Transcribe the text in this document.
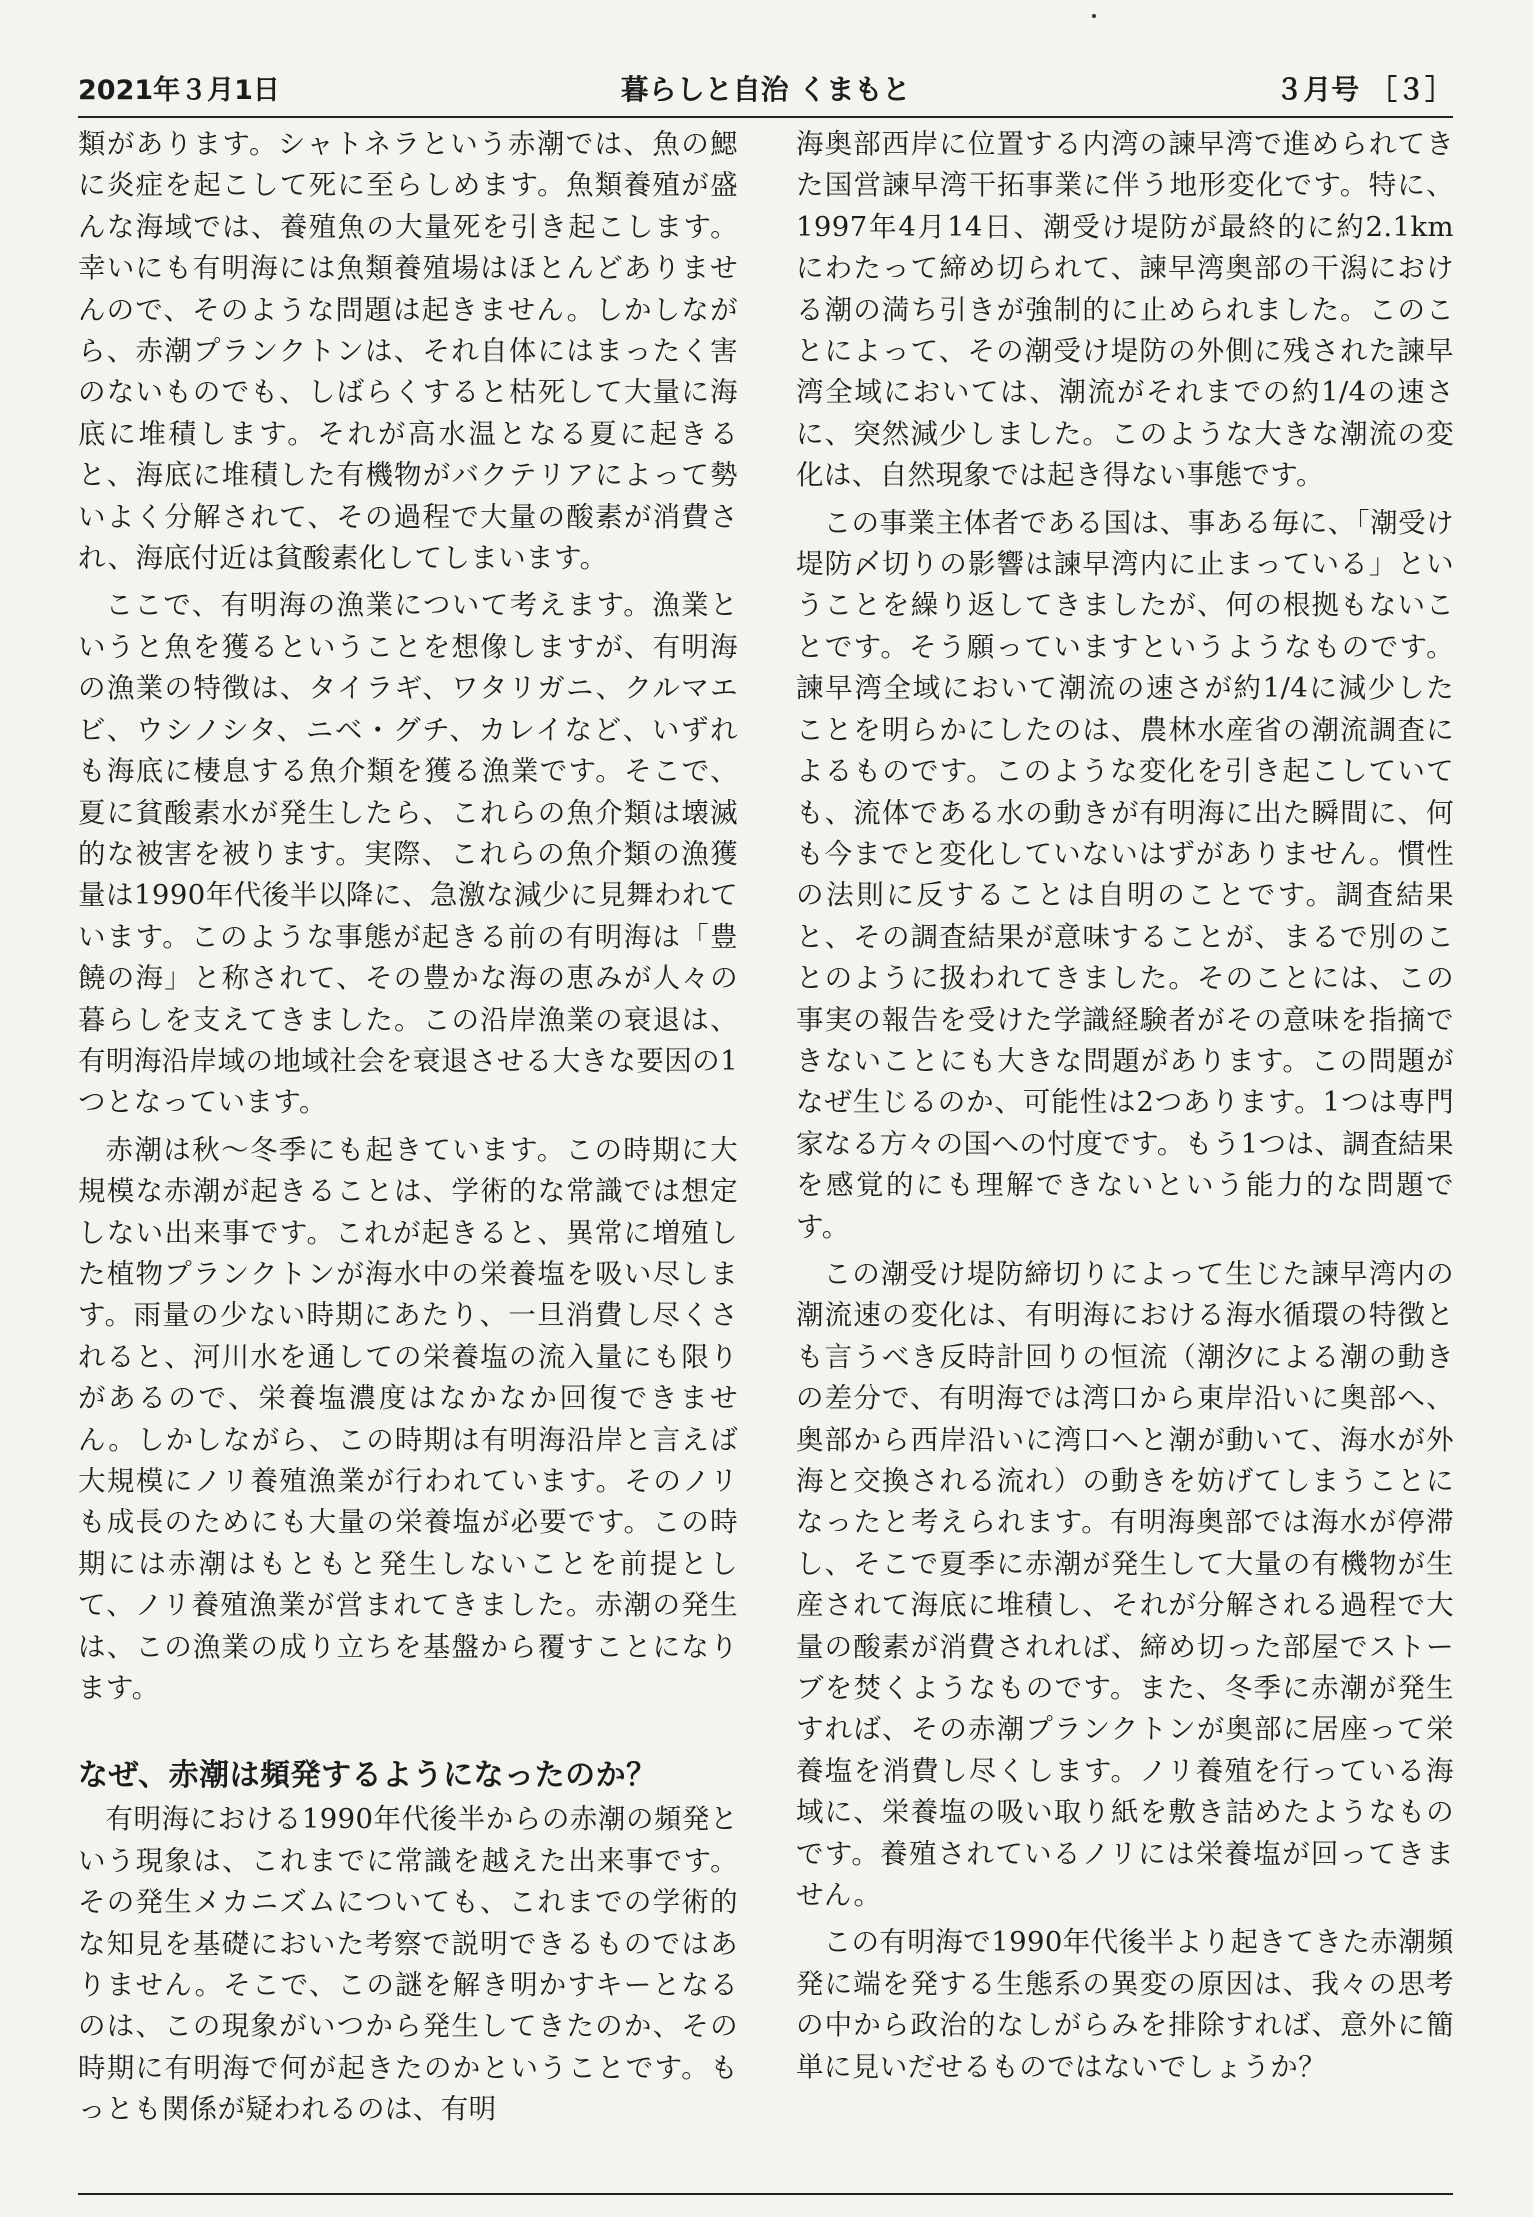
暮らしと自治 くまもと
2021年３月1日	３月号 ［３］

類があります。シャトネラという赤潮では、魚の鰓に炎症を起こして死に至らしめます。魚類養殖が盛んな海域では、養殖魚の大量死を引き起こします。幸いにも有明海には魚類養殖場はほとんどありませんので、そのような問題は起きません。しかしながら、赤潮プランクトンは、それ自体にはまったく害のないものでも、しばらくすると枯死して大量に海底に堆積します。それが高水温となる夏に起きると、海底に堆積した有機物がバクテリアによって勢いよく分解されて、その過程で大量の酸素が消費され、海底付近は貧酸素化してしまいます。

ここで、有明海の漁業について考えます。漁業というと魚を獲るということを想像しますが、有明海の漁業の特徴は、タイラギ、ワタリガニ、クルマエビ、ウシノシタ、ニベ・グチ、カレイなど、いずれも海底に棲息する魚介類を獲る漁業です。そこで、夏に貧酸素水が発生したら、これらの魚介類は壊滅的な被害を被ります。実際、これらの魚介類の漁獲量は1990年代後半以降に、急激な減少に見舞われています。このような事態が起きる前の有明海は「豊饒の海」と称されて、その豊かな海の恵みが人々の暮らしを支えてきました。この沿岸漁業の衰退は、有明海沿岸域の地域社会を衰退させる大きな要因の1つとなっています。

赤潮は秋～冬季にも起きています。この時期に大規模な赤潮が起きることは、学術的な常識では想定しない出来事です。これが起きると、異常に増殖した植物プランクトンが海水中の栄養塩を吸い尽します。雨量の少ない時期にあたり、一旦消費し尽くされると、河川水を通しての栄養塩の流入量にも限りがあるので、栄養塩濃度はなかなか回復できません。しかしながら、この時期は有明海沿岸と言えば大規模にノリ養殖漁業が行われています。そのノリも成長のためにも大量の栄養塩が必要です。この時期には赤潮はもともと発生しないことを前提として、ノリ養殖漁業が営まれてきました。赤潮の発生は、この漁業の成り立ちを基盤から覆すことになります。

なぜ、赤潮は頻発するようになったのか？

有明海における1990年代後半からの赤潮の頻発という現象は、これまでに常識を越えた出来事です。その発生メカニズムについても、これまでの学術的な知見を基礎においた考察で説明できるものではありません。そこで、この謎を解き明かすキーとなるのは、この現象がいつから発生してきたのか、その時期に有明海で何が起きたのかということです。もっとも関係が疑われるのは、有明

海奥部西岸に位置する内湾の諫早湾で進められてきた国営諫早湾干拓事業に伴う地形変化です。特に、1997年4月14日、潮受け堤防が最終的に約2.1kmにわたって締め切られて、諫早湾奥部の干潟における潮の満ち引きが強制的に止められました。このことによって、その潮受け堤防の外側に残された諫早湾全域においては、潮流がそれまでの約1/4の速さに、突然減少しました。このような大きな潮流の変化は、自然現象では起き得ない事態です。

この事業主体者である国は、事ある毎に、「潮受け堤防〆切りの影響は諫早湾内に止まっている」ということを繰り返してきましたが、何の根拠もないことです。そう願っていますというようなものです。諫早湾全域において潮流の速さが約1/4に減少したことを明らかにしたのは、農林水産省の潮流調査によるものです。このような変化を引き起こしていても、流体である水の動きが有明海に出た瞬間に、何も今までと変化していないはずがありません。慣性の法則に反することは自明のことです。調査結果と、その調査結果が意味することが、まるで別のことのように扱われてきました。そのことには、この事実の報告を受けた学識経験者がその意味を指摘できないことにも大きな問題があります。この問題がなぜ生じるのか、可能性は2つあります。1つは専門家なる方々の国への忖度です。もう1つは、調査結果を感覚的にも理解できないという能力的な問題です。

この潮受け堤防締切りによって生じた諫早湾内の潮流速の変化は、有明海における海水循環の特徴とも言うべき反時計回りの恒流（潮汐による潮の動きの差分で、有明海では湾口から東岸沿いに奥部へ、奥部から西岸沿いに湾口へと潮が動いて、海水が外海と交換される流れ）の動きを妨げてしまうことになったと考えられます。有明海奥部では海水が停滞し、そこで夏季に赤潮が発生して大量の有機物が生産されて海底に堆積し、それが分解される過程で大量の酸素が消費されれば、締め切った部屋でストーブを焚くようなものです。また、冬季に赤潮が発生すれば、その赤潮プランクトンが奥部に居座って栄養塩を消費し尽くします。ノリ養殖を行っている海域に、栄養塩の吸い取り紙を敷き詰めたようなものです。養殖されているノリには栄養塩が回ってきません。

この有明海で1990年代後半より起きてきた赤潮頻発に端を発する生態系の異変の原因は、我々の思考の中から政治的なしがらみを排除すれば、意外に簡単に見いだせるものではないでしょうか？
